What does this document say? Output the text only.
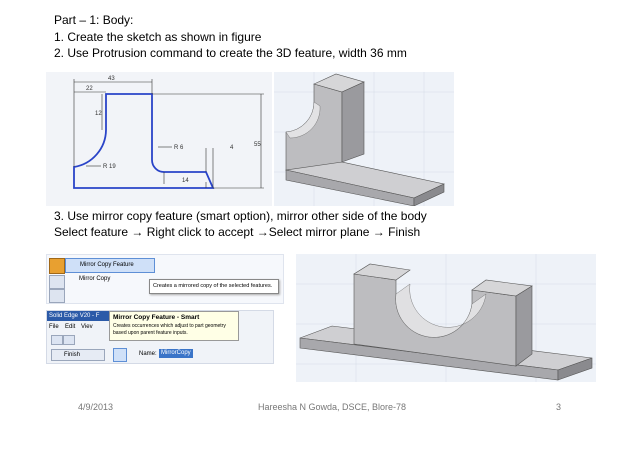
Part – 1: Body:
1. Create the sketch as shown in figure
2. Use Protrusion command to create the 3D feature, width 36 mm
43
22
12
55
4
14
R 6
R 19
3. Use mirror copy feature (smart option), mirror other side of the body
Select feature → Right click to accept →Select mirror plane → Finish
Mirror Copy Feature
Mirror Copy
Creates a mirrored copy of the selected features.
Solid Edge V20 - F
File Edit Viev
Mirror Copy Feature - Smart
Creates occurrences which adjust to part geometry
based upon parent feature inputs.
Finish	Name: MirrorCopy
4/9/2013	Hareesha N Gowda, DSCE, Blore-78	3
